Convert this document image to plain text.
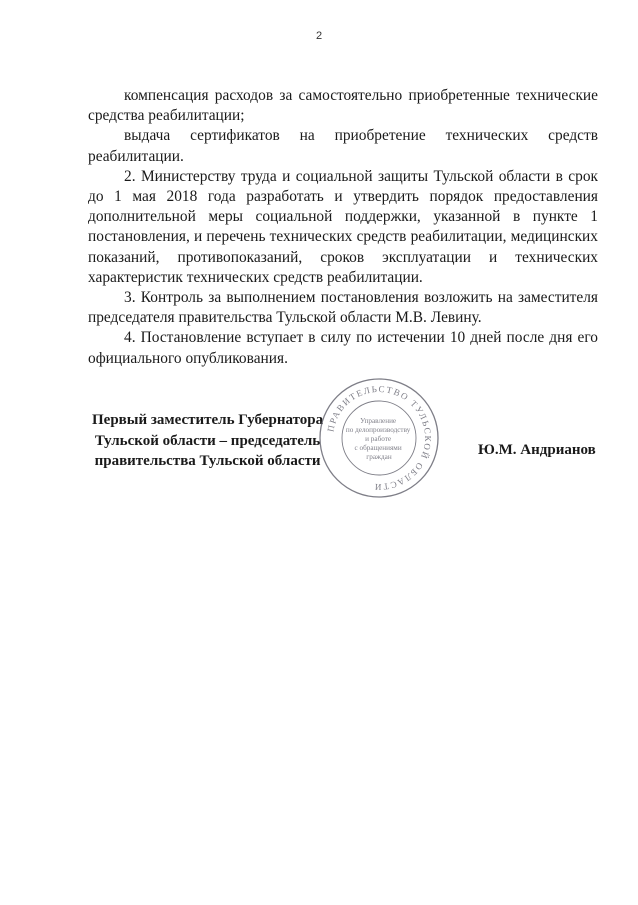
2

компенсация расходов за самостоятельно приобретенные технические средства реабилитации;

выдача сертификатов на приобретение технических средств реабилитации.

2. Министерству труда и социальной защиты Тульской области в срок до 1 мая 2018 года разработать и утвердить порядок предоставления дополнительной меры социальной поддержки, указанной в пункте 1 постановления, и перечень технических средств реабилитации, медицинских показаний, противопоказаний, сроков эксплуатации и технических характеристик технических средств реабилитации.

3. Контроль за выполнением постановления возложить на заместителя председателя правительства Тульской области М.В. Левину.

4. Постановление вступает в силу по истечении 10 дней после дня его официального опубликования.

Первый заместитель Губернатора
Тульской области – председатель
правительства Тульской области
ПРАВИТЕЛЬСТВО ТУЛЬСКОЙ ОБЛАСТИ
Управление по делопроизводству и работе с обращениями граждан	Ю.М. Андрианов
